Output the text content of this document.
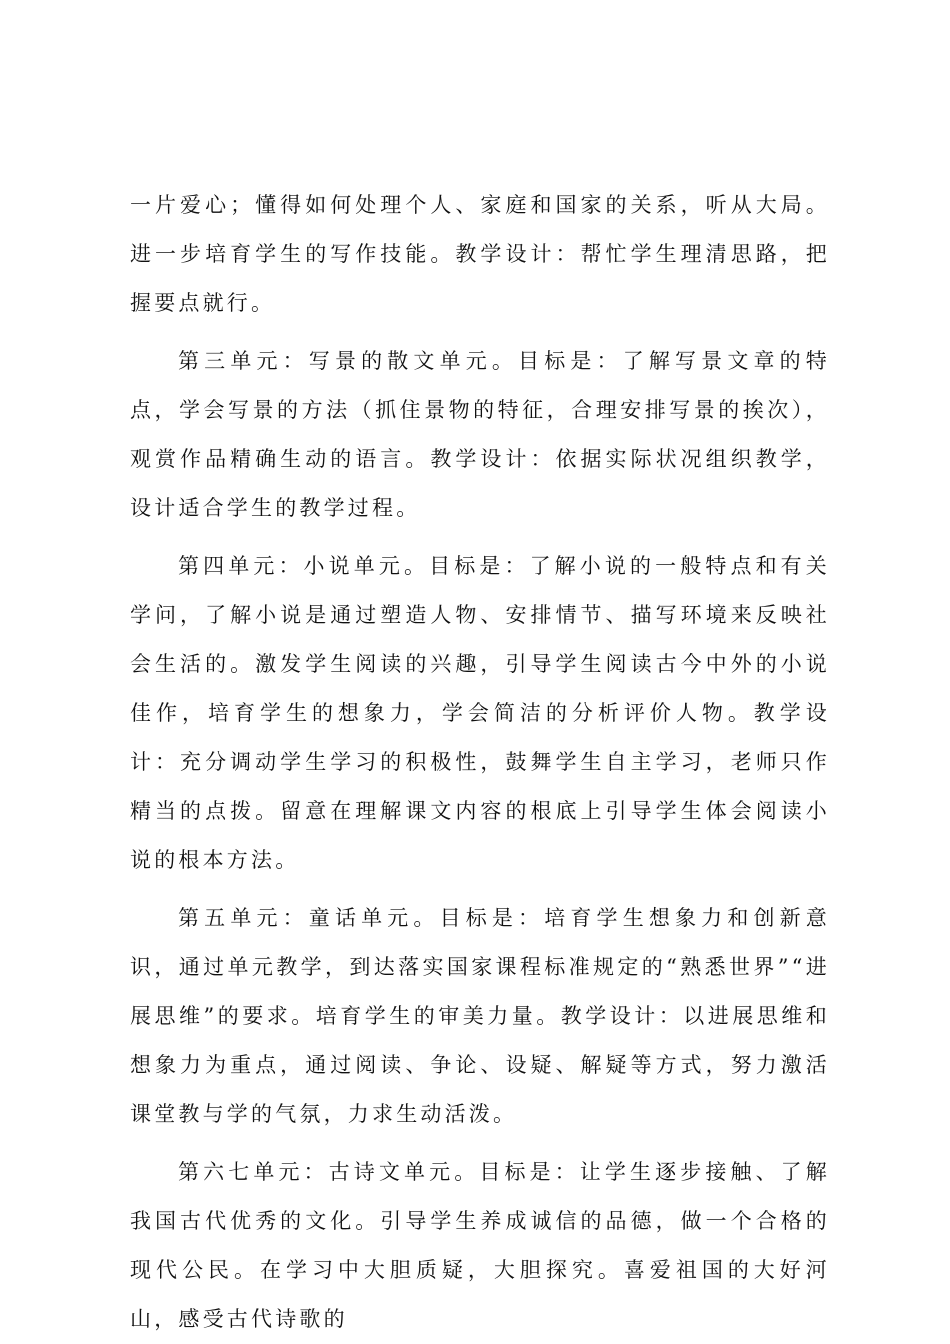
一片爱心；懂得如何处理个人、家庭和国家的关系，听从大局。进一步培育学生的写作技能。教学设计：帮忙学生理清思路，把握要点就行。

第三单元：写景的散文单元。目标是：了解写景文章的特点，学会写景的方法（抓住景物的特征，合理安排写景的挨次），观赏作品精确生动的语言。教学设计：依据实际状况组织教学，设计适合学生的教学过程。

第四单元：小说单元。目标是：了解小说的一般特点和有关学问，了解小说是通过塑造人物、安排情节、描写环境来反映社会生活的。激发学生阅读的兴趣，引导学生阅读古今中外的小说佳作，培育学生的想象力，学会简洁的分析评价人物。教学设计：充分调动学生学习的积极性，鼓舞学生自主学习，老师只作精当的点拨。留意在理解课文内容的根底上引导学生体会阅读小说的根本方法。

第五单元：童话单元。目标是：培育学生想象力和创新意识，通过单元教学，到达落实国家课程标准规定的“熟悉世界”“进展思维”的要求。培育学生的审美力量。教学设计：以进展思维和想象力为重点，通过阅读、争论、设疑、解疑等方式，努力激活课堂教与学的气氛，力求生动活泼。

第六七单元：古诗文单元。目标是：让学生逐步接触、了解我国古代优秀的文化。引导学生养成诚信的品德，做一个合格的现代公民。在学习中大胆质疑，大胆探究。喜爱祖国的大好河山，感受古代诗歌的
